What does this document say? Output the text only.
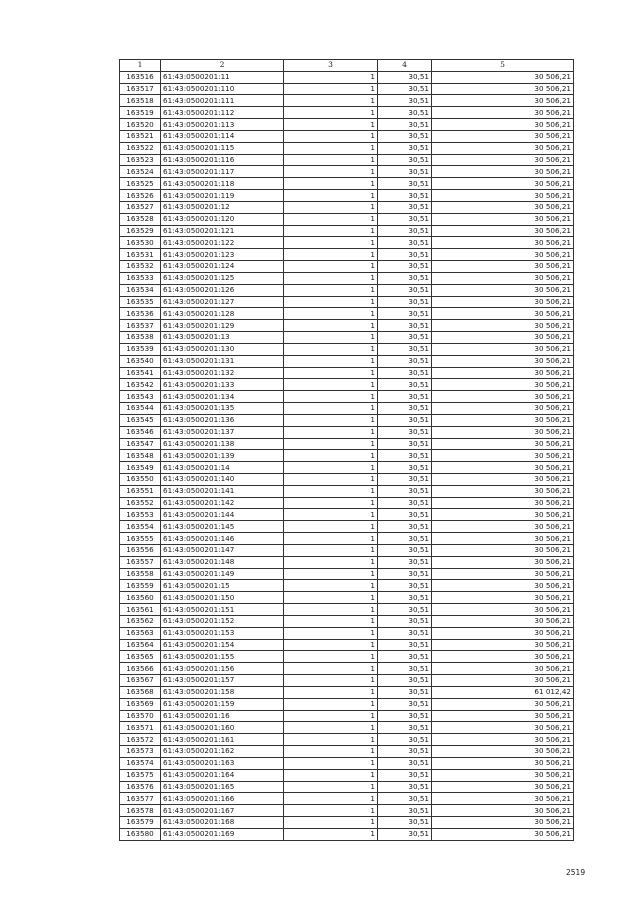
1	2	3	4	5
163516	61:43:0500201:11	1	30,51	30 506,21
163517	61:43:0500201:110	1	30,51	30 506,21
163518	61:43:0500201:111	1	30,51	30 506,21
163519	61:43:0500201:112	1	30,51	30 506,21
163520	61:43:0500201:113	1	30,51	30 506,21
163521	61:43:0500201:114	1	30,51	30 506,21
163522	61:43:0500201:115	1	30,51	30 506,21
163523	61:43:0500201:116	1	30,51	30 506,21
163524	61:43:0500201:117	1	30,51	30 506,21
163525	61:43:0500201:118	1	30,51	30 506,21
163526	61:43:0500201:119	1	30,51	30 506,21
163527	61:43:0500201:12	1	30,51	30 506,21
163528	61:43:0500201:120	1	30,51	30 506,21
163529	61:43:0500201:121	1	30,51	30 506,21
163530	61:43:0500201:122	1	30,51	30 506,21
163531	61:43:0500201:123	1	30,51	30 506,21
163532	61:43:0500201:124	1	30,51	30 506,21
163533	61:43:0500201:125	1	30,51	30 506,21
163534	61:43:0500201:126	1	30,51	30 506,21
163535	61:43:0500201:127	1	30,51	30 506,21
163536	61:43:0500201:128	1	30,51	30 506,21
163537	61:43:0500201:129	1	30,51	30 506,21
163538	61:43:0500201:13	1	30,51	30 506,21
163539	61:43:0500201:130	1	30,51	30 506,21
163540	61:43:0500201:131	1	30,51	30 506,21
163541	61:43:0500201:132	1	30,51	30 506,21
163542	61:43:0500201:133	1	30,51	30 506,21
163543	61:43:0500201:134	1	30,51	30 506,21
163544	61:43:0500201:135	1	30,51	30 506,21
163545	61:43:0500201:136	1	30,51	30 506,21
163546	61:43:0500201:137	1	30,51	30 506,21
163547	61:43:0500201:138	1	30,51	30 506,21
163548	61:43:0500201:139	1	30,51	30 506,21
163549	61:43:0500201:14	1	30,51	30 506,21
163550	61:43:0500201:140	1	30,51	30 506,21
163551	61:43:0500201:141	1	30,51	30 506,21
163552	61:43:0500201:142	1	30,51	30 506,21
163553	61:43:0500201:144	1	30,51	30 506,21
163554	61:43:0500201:145	1	30,51	30 506,21
163555	61:43:0500201:146	1	30,51	30 506,21
163556	61:43:0500201:147	1	30,51	30 506,21
163557	61:43:0500201:148	1	30,51	30 506,21
163558	61:43:0500201:149	1	30,51	30 506,21
163559	61:43:0500201:15	1	30,51	30 506,21
163560	61:43:0500201:150	1	30,51	30 506,21
163561	61:43:0500201:151	1	30,51	30 506,21
163562	61:43:0500201:152	1	30,51	30 506,21
163563	61:43:0500201:153	1	30,51	30 506,21
163564	61:43:0500201:154	1	30,51	30 506,21
163565	61:43:0500201:155	1	30,51	30 506,21
163566	61:43:0500201:156	1	30,51	30 506,21
163567	61:43:0500201:157	1	30,51	30 506,21
163568	61:43:0500201:158	1	30,51	61 012,42
163569	61:43:0500201:159	1	30,51	30 506,21
163570	61:43:0500201:16	1	30,51	30 506,21
163571	61:43:0500201:160	1	30,51	30 506,21
163572	61:43:0500201:161	1	30,51	30 506,21
163573	61:43:0500201:162	1	30,51	30 506,21
163574	61:43:0500201:163	1	30,51	30 506,21
163575	61:43:0500201:164	1	30,51	30 506,21
163576	61:43:0500201:165	1	30,51	30 506,21
163577	61:43:0500201:166	1	30,51	30 506,21
163578	61:43:0500201:167	1	30,51	30 506,21
163579	61:43:0500201:168	1	30,51	30 506,21
163580	61:43:0500201:169	1	30,51	30 506,21
2519
